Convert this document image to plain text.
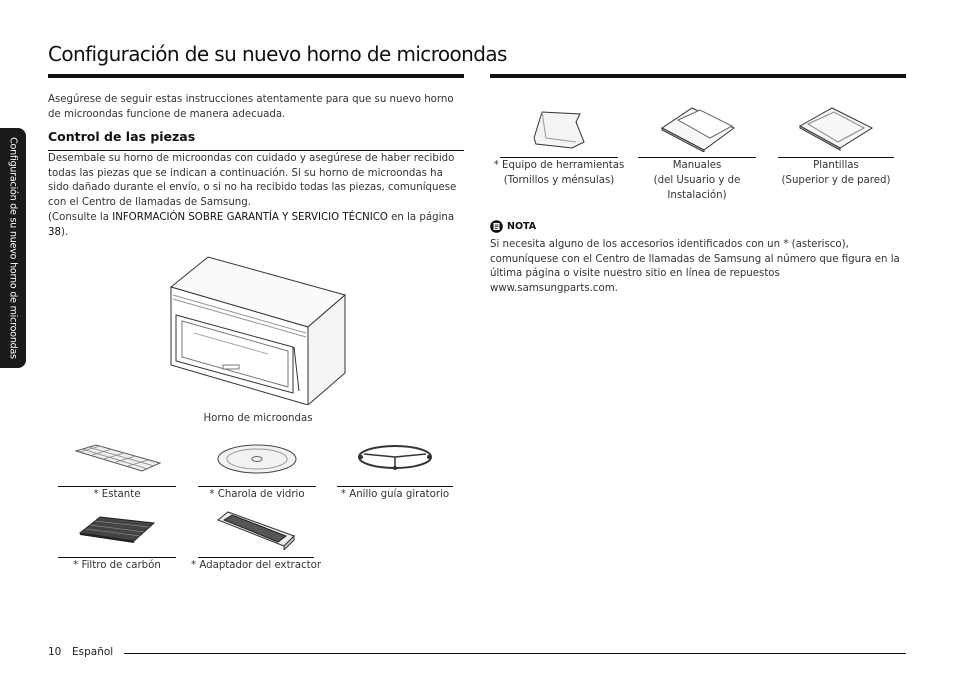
Configuración de su nuevo horno de microondas
Configuración de su nuevo horno de microondas

Asegúrese de seguir estas instrucciones atentamente para que su nuevo horno de microondas funcione de manera adecuada.

Control de las piezas

Desembale su horno de microondas con cuidado y asegúrese de haber recibido todas las piezas que se indican a continuación. Si su horno de microondas ha sido dañado durante el envío, o si no ha recibido todas las piezas, comuníquese con el Centro de llamadas de Samsung.
(Consulte la INFORMACIÓN SOBRE GARANTÍA Y SERVICIO TÉCNICO en la página 38).

Horno de microondas
* Estante	* Charola de vidrio	* Anillo guía giratorio
* Filtro de carbón	* Adaptador del extractor
* Equipo de herramientas
(Tornillos y ménsulas)
Manuales
(del Usuario y de
Instalación)
Plantillas
(Superior y de pared)
NOTA

Si necesita alguno de los accesorios identificados con un * (asterisco), comuníquese con el Centro de llamadas de Samsung al número que figura en la última página o visite nuestro sitio en línea de repuestos www.samsungparts.com.

10 Español
